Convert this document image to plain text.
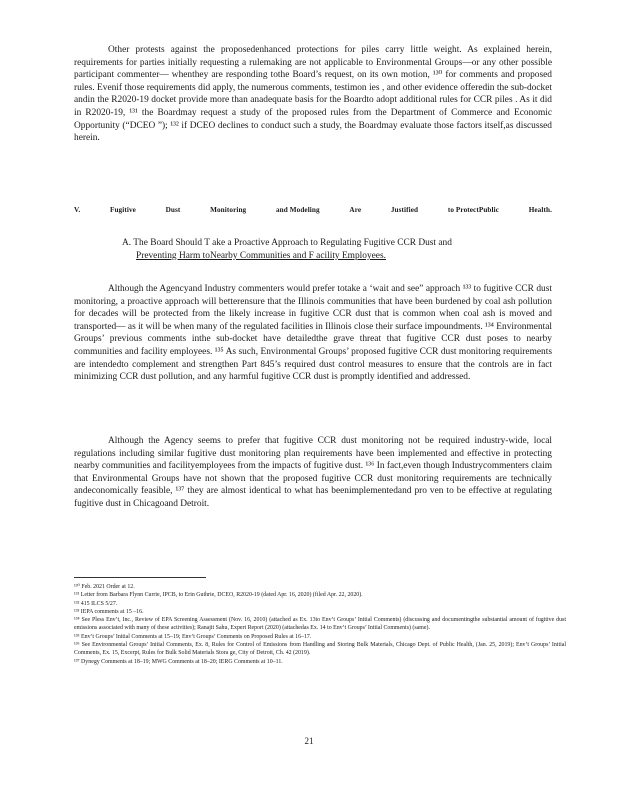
Other protests against the proposedenhanced protections for piles carry little weight. As explained herein, requirements for parties initially requesting a rulemaking are not applicable to Environmental Groups—or any other possible participant commenter— whenthey are responding tothe Board’s request, on its own motion, ¹³⁰ for comments and proposed rules. Evenif those requirements did apply, the numerous comments, testimon ies , and other evidence offeredin the sub-docket andin the R2020-19 docket provide more than anadequate basis for the Boardto adopt additional rules for CCR piles . As it did in R2020-19, ¹³¹ the Boardmay request a study of the proposed rules from the Department of Commerce and Economic Opportunity (“DCEO ”); ¹³² if DCEO declines to conduct such a study, the Boardmay evaluate those factors itself,as discussed herein.

V.	Fugitive	Dust	Monitoring	and Modeling	Are	Justified	to ProtectPublic	Health.
A. The Board Should T ake a Proactive Approach to Regulating Fugitive CCR Dust and
Preventing Harm toNearby Communities and F acility Employees.

Although the Agencyand Industry commenters would prefer totake a ‘wait and see” approach ¹³³ to fugitive CCR dust monitoring, a proactive approach will betterensure that the Illinois communities that have been burdened by coal ash pollution for decades will be protected from the likely increase in fugitive CCR dust that is common when coal ash is moved and transported— as it will be when many of the regulated facilities in Illinois close their surface impoundments. ¹³⁴ Environmental Groups’ previous comments inthe sub-docket have detailedthe grave threat that fugitive CCR dust poses to nearby communities and facility employees. ¹³⁵ As such, Environmental Groups’ proposed fugitive CCR dust monitoring requirements are intendedto complement and strengthen Part 845’s required dust control measures to ensure that the controls are in fact minimizing CCR dust pollution, and any harmful fugitive CCR dust is promptly identified and addressed.

Although the Agency seems to prefer that fugitive CCR dust monitoring not be required industry-wide, local regulations including similar fugitive dust monitoring plan requirements have been implemented and effective in protecting nearby communities and facilityemployees from the impacts of fugitive dust. ¹³⁶ In fact,even though Industrycommenters claim that Environmental Groups have not shown that the proposed fugitive CCR dust monitoring requirements are technically andeconomically feasible, ¹³⁷ they are almost identical to what has beenimplementedand pro ven to be effective at regulating fugitive dust in Chicagoand Detroit.

¹³⁰ Feb. 2021 Order at 12.

¹³¹ Letter from Barbara Flynn Currie, IPCB, to Erin Guthrie, DCEO, R2020-19 (dated Apr. 16, 2020) (filed Apr. 22, 2020).

¹³² 415 ILCS 5/27.

¹³³ IEPA comments at 15 –16.

¹³⁴ See Pless Env’t, Inc., Review of EPA Screening Assessment (Nov. 16, 2010) (attached as Ex. 13to Env’t Groups’ Initial Comments) (discussing and documentingthe substantial amount of fugitive dust emissions associated with many of these activities); Ranajit Sahu, Expert Report (2020) (attachedas Ex. 14 to Env’t Groups’ Initial Comments) (same).

¹³⁵ Env’t Groups’ Initial Comments at 15–19; Env’t Groups’ Comments on Proposed Rules at 16–17.

¹³⁶ See Environmental Groups’ Initial Comments, Ex. 8, Rules for Control of Emissions from Handling and Storing Bulk Materials, Chicago Dept. of Public Health, (Jan. 25, 2019); Env’t Groups’ Initial Comments, Ex. 15, Excerpt, Rules for Bulk Solid Materials Stora ge, City of Detroit, Ch. 42 (2019).

¹³⁷ Dynegy Comments at 18–19; MWG Comments at 18–20; IERG Comments at 10–11.

21
